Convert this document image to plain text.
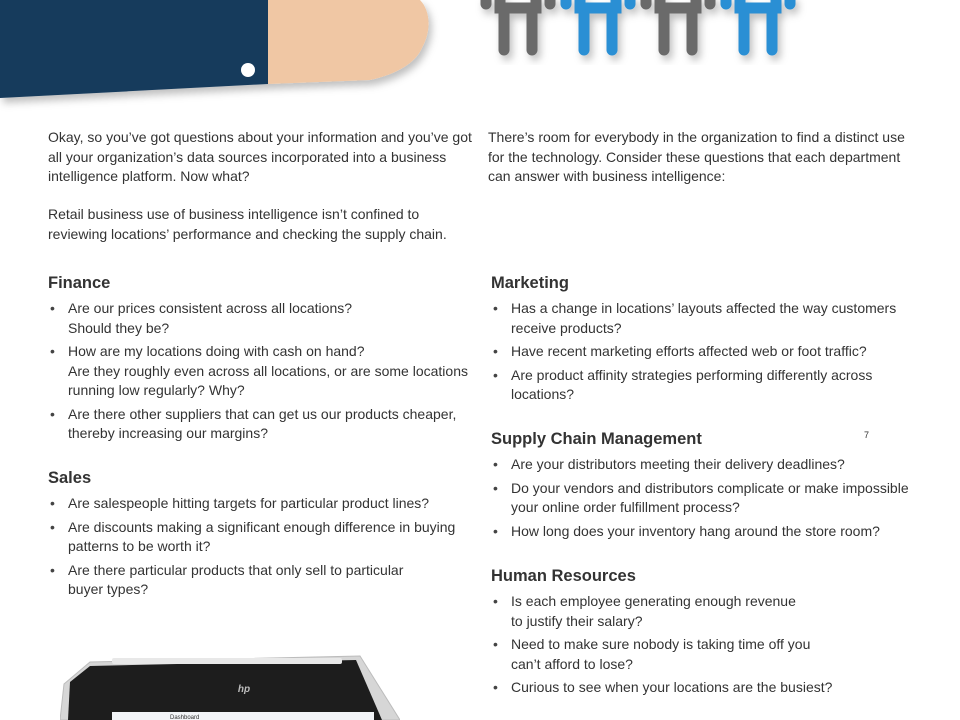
Okay, so you’ve got questions about your information and you’ve got all your organization’s data sources incorporated into a business intelligence platform. Now what?

Retail business use of business intelligence isn’t confined to reviewing locations’ performance and checking the supply chain.

There’s room for everybody in the organization to find a distinct use for the technology. Consider these questions that each department can answer with business intelligence:

Finance
• Are our prices consistent across all locations?
Should they be?
• How are my locations doing with cash on hand?
Are they roughly even across all locations, or are some locations running low regularly? Why?
• Are there other suppliers that can get us our products cheaper, thereby increasing our margins?
Sales
• Are salespeople hitting targets for particular product lines?
• Are discounts making a significant enough difference in buying patterns to be worth it?
• Are there particular products that only sell to particular
buyer types?
Marketing
• Has a change in locations’ layouts affected the way customers receive products?
• Have recent marketing efforts affected web or foot traffic?
• Are product affinity strategies performing differently across locations?
Supply Chain Management
• Are your distributors meeting their delivery deadlines?
• Do your vendors and distributors complicate or make impossible your online order fulfillment process?
• How long does your inventory hang around the store room?
7
Human Resources
• Is each employee generating enough revenue
to justify their salary?
• Need to make sure nobody is taking time off you
can’t afford to lose?
• Curious to see when your locations are the busiest?
hp
Dashboard
